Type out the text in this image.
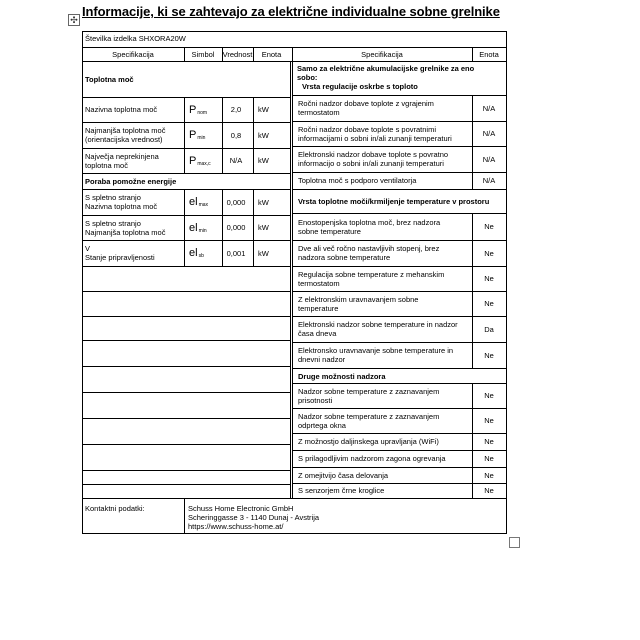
Informacije, ki se zahtevajo za električne individualne sobne grelnike
✣
Številka izdelka SHXORA20W
Specifikacija	Simbol	Vrednost	Enota	Specifikacija	Enota
Toplotna moč
Nazivna toplotna moč	$P_{nom}$	2,0	kW
Najmanjša toplotna moč
(orientacijska vrednost) $P_{min}$	0,8	kW
Največja neprekinjena
toplotna moč	$P_{max,c}$	N/A	kW
Poraba pomožne energije
S spletno stranjo
Nazivna toplotna moč	$el_{max}$	0,000	kW
S spletno stranjo
Najmanjša toplotna moč $el_{min}$	0,000	kW
V
Stanje pripravljenosti	$el_{sb}$	0,001	kW
Samo za električne akumulacijske grelnike za eno
sobo:
Vrsta regulacije oskrbe s toploto
Ročni nadzor dobave toplote z vgrajenim
termostatom	N/A
Ročni nadzor dobave toplote s povratnimi
informacijami o sobni in/ali zunanji temperaturi	N/A
Elektronski nadzor dobave toplote s povratno
informacijo o sobni in/ali zunanji temperaturi	N/A
Toplotna moč s podporo ventilatorja	N/A
Vrsta toplotne moči/krmiljenje temperature v prostoru
Enostopenjska toplotna moč, brez nadzora
sobne temperature	Ne
Dve ali več ročno nastavljivih stopenj, brez
nadzora sobne temperature	Ne
Regulacija sobne temperature z mehanskim
termostatom	Ne
Z elektronskim uravnavanjem sobne
temperature	Ne
Elektronski nadzor sobne temperature in nadzor
časa dneva	Da
Elektronsko uravnavanje sobne temperature in
dnevni nadzor	Ne
Druge možnosti nadzora
Nadzor sobne temperature z zaznavanjem
prisotnosti	Ne
Nadzor sobne temperature z zaznavanjem
odprtega okna	Ne
Z možnostjo daljinskega upravljanja (WiFi)	Ne
S prilagodljivim nadzorom zagona ogrevanja	Ne
Z omejitvijo časa delovanja	Ne
S senzorjem črne kroglice	Ne
Kontaktni podatki:	Schuss Home Electronic GmbH
Scheringgasse 3 - 1140 Dunaj - Avstrija
https://www.schuss-home.at/
